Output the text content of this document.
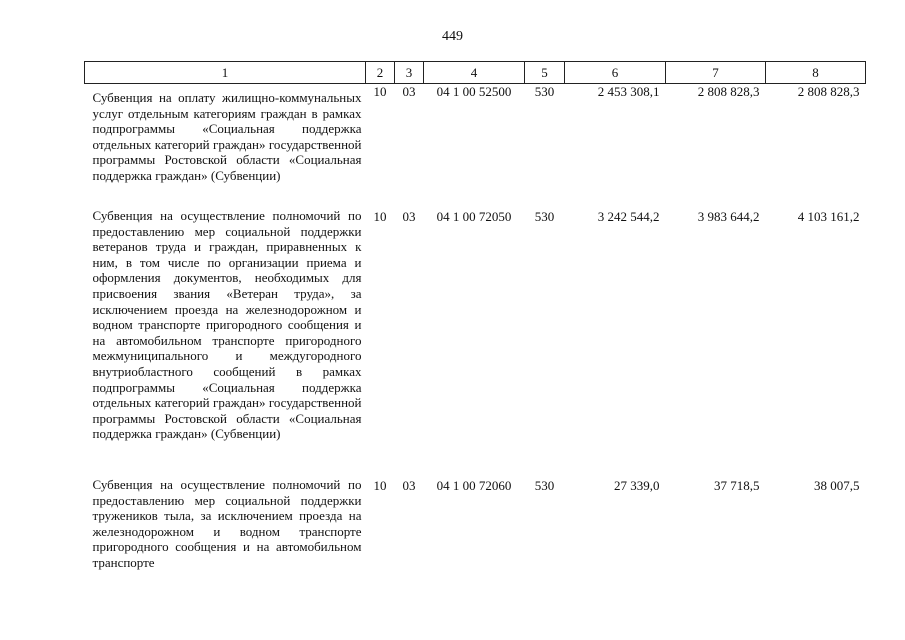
449
1	2	3	4	5	6	7	8
Субвенция на оплату жилищно-коммунальных услуг отдельным категориям граждан в рамках подпрограммы «Социальная поддержка отдельных категорий граждан» государственной программы Ростовской области «Социальная поддержка граждан» (Субвенции)	10	03	04 1 00 52500	530	2 453 308,1	2 808 828,3	2 808 828,3
Субвенция на осуществление полномочий по предоставлению мер социальной поддержки ветеранов труда и граждан, приравненных к ним, в том числе по организации приема и оформления документов, необходимых для присвоения звания «Ветеран труда», за исключением проезда на железнодорожном и водном транспорте пригородного сообщения и на автомобильном транспорте пригородного межмуниципального и междугородного внутриобластного сообщений в рамках подпрограммы «Социальная поддержка отдельных категорий граждан» государственной программы Ростовской области «Социальная поддержка граждан» (Субвенции)	10	03	04 1 00 72050	530	3 242 544,2	3 983 644,2	4 103 161,2
Субвенция на осуществление полномочий по предоставлению мер социальной поддержки тружеников тыла, за исключением проезда на железнодорожном и водном транспорте пригородного сообщения и на автомобильном транспорте	10	03	04 1 00 72060	530	27 339,0	37 718,5	38 007,5
